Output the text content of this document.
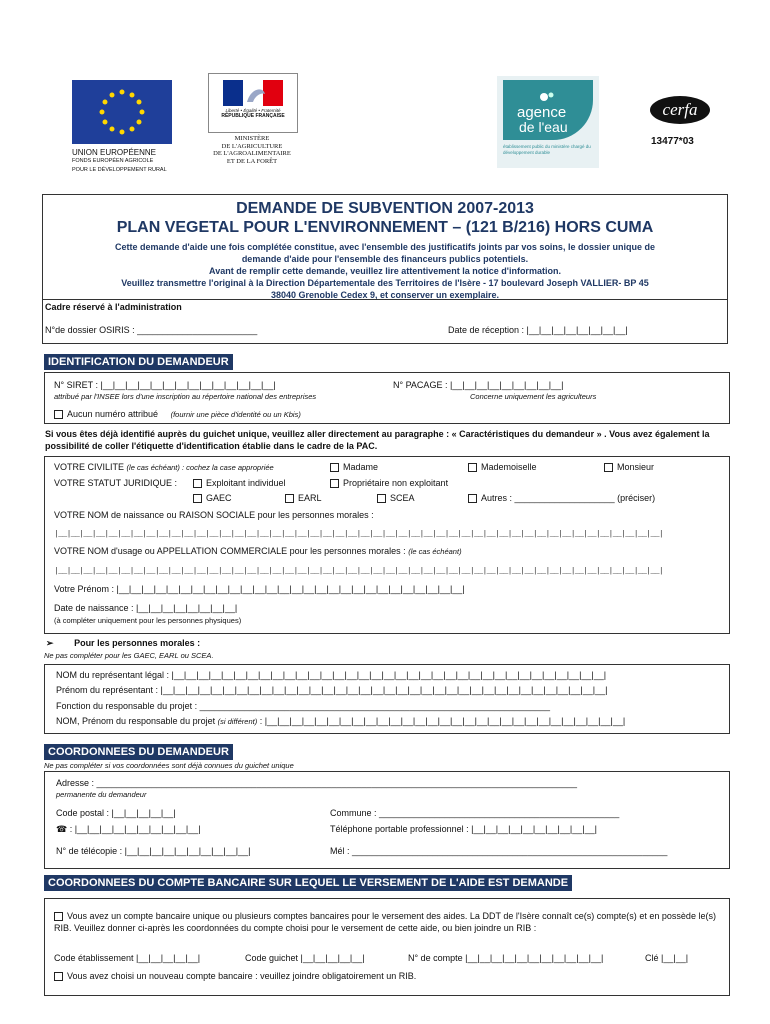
UNION EUROPÉENNE
FONDS EUROPÉEN AGRICOLE
POUR LE DÉVELOPPEMENT RURAL
Liberté • Égalité • Fraternité
RÉPUBLIQUE FRANÇAISE
MINISTÈRE
DE L'AGRICULTURE
DE L'AGROALIMENTAIRE
ET DE LA FORÊT
agence
de l'eau
établissement public du ministère chargé du développement durable
cerfa
13477*03
DEMANDE DE SUBVENTION 2007-2013
PLAN VEGETAL POUR L'ENVIRONNEMENT – (121 B/216) HORS CUMA
Cette demande d'aide une fois complétée constitue, avec l'ensemble des justificatifs joints par vos soins, le dossier unique de
demande d'aide pour l'ensemble des financeurs publics potentiels.
Avant de remplir cette demande, veuillez lire attentivement la notice d'information.
Veuillez transmettre l'original à la Direction Départementale des Territoires de l'Isère - 17 boulevard Joseph VALLIER- BP 45
38040 Grenoble Cedex 9, et conserver un exemplaire.
Cadre réservé à l'administration
N°de dossier OSIRIS : ________________________	Date de réception : |__|__|__|__|__|__|__|__|
IDENTIFICATION DU DEMANDEUR
N° SIRET : |__|__|__|__|__|__|__|__|__|__|__|__|__|__|
attribué par l'INSEE lors d'une inscription au répertoire national des entreprises
N° PACAGE : |__|__|__|__|__|__|__|__|__|
Concerne uniquement les agriculteurs
Aucun numéro attribué (fournir une pièce d'identité ou un Kbis)
Si vous êtes déjà identifié auprès du guichet unique, veuillez aller directement au paragraphe : « Caractéristiques du demandeur » . Vous avez également la possibilité de coller l'étiquette d'identification établie dans le cadre de la PAC.
VOTRE CIVILITE (le cas échéant) : cochez la case appropriée	Madame	Mademoiselle	Monsieur
VOTRE STATUT JURIDIQUE :	Exploitant individuel	Propriétaire non exploitant
GAEC	EARL	SCEA	Autres : ____________________ (préciser)
VOTRE NOM de naissance ou RAISON SOCIALE pour les personnes morales :
|__|__|__|__|__|__|__|__|__|__|__|__|__|__|__|__|__|__|__|__|__|__|__|__|__|__|__|__|__|__|__|__|__|__|__|__|__|__|__|__|__|__|__|__|__|__|__|__|
VOTRE NOM d'usage ou APPELLATION COMMERCIALE pour les personnes morales : (le cas échéant)
|__|__|__|__|__|__|__|__|__|__|__|__|__|__|__|__|__|__|__|__|__|__|__|__|__|__|__|__|__|__|__|__|__|__|__|__|__|__|__|__|__|__|__|__|__|__|__|__|
Votre Prénom : |__|__|__|__|__|__|__|__|__|__|__|__|__|__|__|__|__|__|__|__|__|__|__|__|__|__|__|__|
Date de naissance : |__|__|__|__|__|__|__|__|
(à compléter uniquement pour les personnes physiques)
➢ Pour les personnes morales :
Ne pas compléter pour les GAEC, EARL ou SCEA.
NOM du représentant légal : |__|__|__|__|__|__|__|__|__|__|__|__|__|__|__|__|__|__|__|__|__|__|__|__|__|__|__|__|__|__|__|__|__|__|__|
Prénom du représentant : |__|__|__|__|__|__|__|__|__|__|__|__|__|__|__|__|__|__|__|__|__|__|__|__|__|__|__|__|__|__|__|__|__|__|__|__|
Fonction du responsable du projet : ______________________________________________________________________
NOM, Prénom du responsable du projet (si différent) : |__|__|__|__|__|__|__|__|__|__|__|__|__|__|__|__|__|__|__|__|__|__|__|__|__|__|__|__|__|
COORDONNEES DU DEMANDEUR
Ne pas compléter si vos coordonnées sont déjà connues du guichet unique
Adresse : ________________________________________________________________________________________________
permanente du demandeur
Code postal : |__|__|__|__|__|	Commune : ________________________________________________
☎ : |__|__|__|__|__|__|__|__|__|__|	Téléphone portable professionnel : |__|__|__|__|__|__|__|__|__|__|
N° de télécopie : |__|__|__|__|__|__|__|__|__|__|	Mél : _______________________________________________________________
COORDONNEES DU COMPTE BANCAIRE SUR LEQUEL LE VERSEMENT DE L'AIDE EST DEMANDE
Vous avez un compte bancaire unique ou plusieurs comptes bancaires pour le versement des aides. La DDT de l'Isère connaît ce(s) compte(s) et en possède le(s) RIB. Veuillez donner ci-après les coordonnées du compte choisi pour le versement de cette aide, ou bien joindre un RIB :
Code établissement |__|__|__|__|__|	Code guichet |__|__|__|__|__|	N° de compte |__|__|__|__|__|__|__|__|__|__|__|	Clé |__|__|
Vous avez choisi un nouveau compte bancaire : veuillez joindre obligatoirement un RIB.
